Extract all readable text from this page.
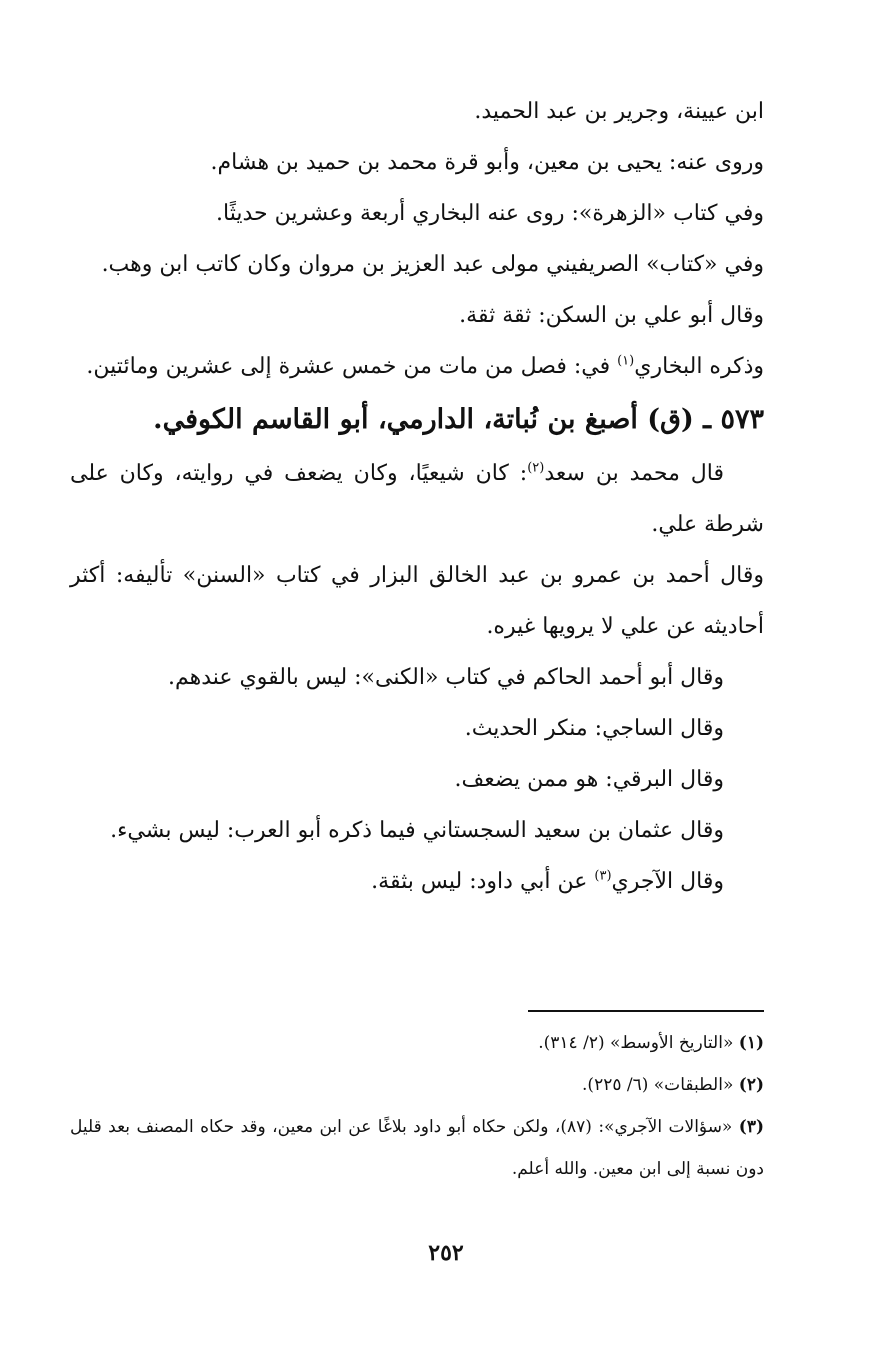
ابن عيينة، وجرير بن عبد الحميد.

وروى عنه: يحيى بن معين، وأبو قرة محمد بن حميد بن هشام.

وفي كتاب «الزهرة»: روى عنه البخاري أربعة وعشرين حديثًا.

وفي «كتاب» الصريفيني مولى عبد العزيز بن مروان وكان كاتب ابن وهب.

وقال أبو علي بن السكن: ثقة ثقة.

وذكره البخاري$^{(١)}$ في: فصل من مات من خمس عشرة إلى عشرين ومائتين.

٥٧٣ ـ (ق) أصبغ بن نُباتة، الدارمي، أبو القاسم الكوفي.

قال محمد بن سعد$^{(٢)}$: كان شيعيًا، وكان يضعف في روايته، وكان على شرطة علي.

وقال أحمد بن عمرو بن عبد الخالق البزار في كتاب «السنن» تأليفه: أكثر أحاديثه عن علي لا يرويها غيره.

وقال أبو أحمد الحاكم في كتاب «الكنى»: ليس بالقوي عندهم.

وقال الساجي: منكر الحديث.

وقال البرقي: هو ممن يضعف.

وقال عثمان بن سعيد السجستاني فيما ذكره أبو العرب: ليس بشيء.

وقال الآجري$^{(٣)}$ عن أبي داود: ليس بثقة.

(١) «التاريخ الأوسط» (٢/ ٣١٤).

(٢) «الطبقات» (٦/ ٢٢٥).

(٣) «سؤالات الآجري»: (٨٧)، ولكن حكاه أبو داود بلاغًا عن ابن معين، وقد حكاه المصنف بعد قليل دون نسبة إلى ابن معين. والله أعلم.

٢٥٢
